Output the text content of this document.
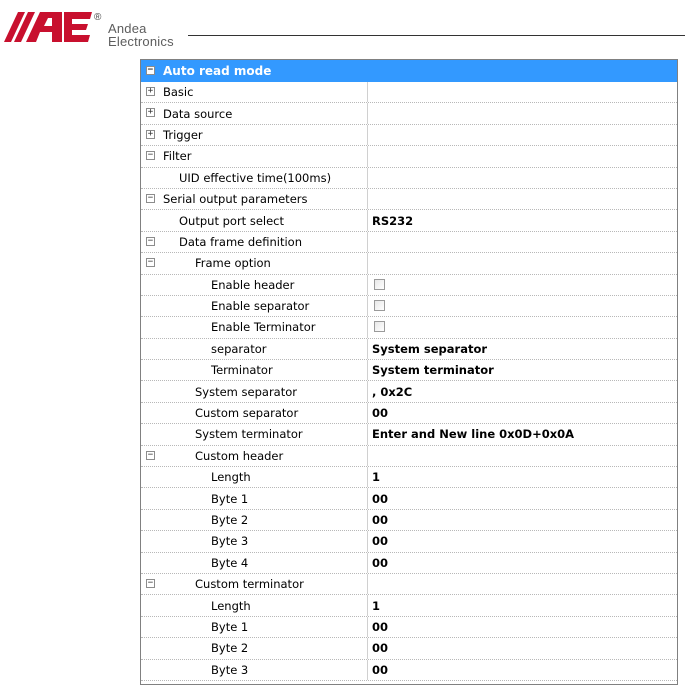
®
Andea
Electronics
− Auto read mode
+ Basic
+ Data source
+ Trigger
− Filter
UID effective time(100ms)
− Serial output parameters
Output port select	RS232
− Data frame definition
−	Frame option
Enable header
Enable separator
Enable Terminator
separator	System separator
Terminator	System terminator
System separator	, 0x2C
Custom separator	00
System terminator	Enter and New line 0x0D+0x0A
−	Custom header
Length	1
Byte 1	00
Byte 2	00
Byte 3	00
Byte 4	00
−	Custom terminator
Length	1
Byte 1	00
Byte 2	00
Byte 3	00
